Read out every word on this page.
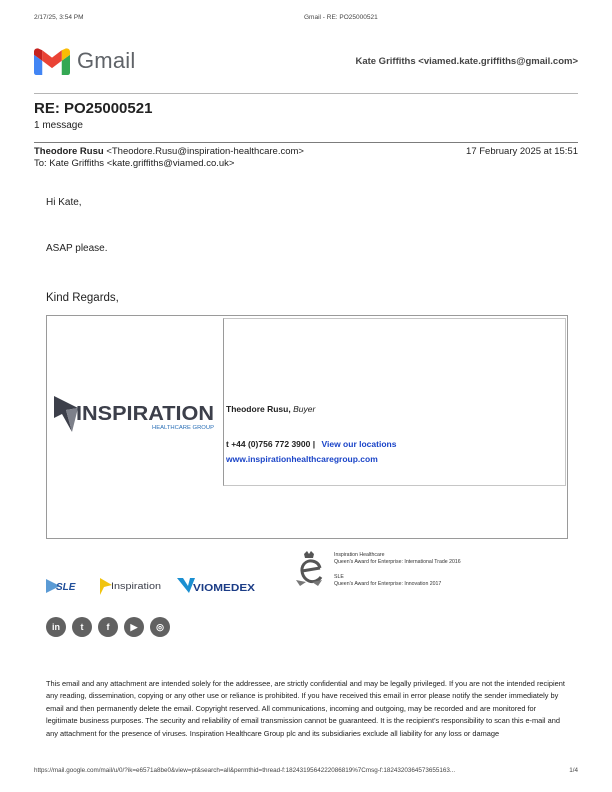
2/17/25, 3:54 PM	Gmail - RE: PO25000521
Gmail	Kate Griffiths <viamed.kate.griffiths@gmail.com>
RE: PO25000521
1 message
Theodore Rusu <Theodore.Rusu@inspiration-healthcare.com>	17 February 2025 at 15:51
To: Kate Griffiths <kate.griffiths@viamed.co.uk>
Hi Kate,
ASAP please.
Kind Regards,
INSPIRATION
HEALTHCARE GROUP
Theodore Rusu, Buyer
t +44 (0)756 772 3900 | View our locations
www.inspirationhealthcaregroup.com
Inspiration Healthcare
Queen's Award for Enterprise: International Trade 2016
SLE
Queen's Award for Enterprise: Innovation 2017
SLE	Inspiration	VIOMEDEX
in t	f ▶ ◎
This email and any attachment are intended solely for the addressee, are strictly confidential and may be legally privileged. If you are not the intended recipient any reading, dissemination, copying or any other use or reliance is prohibited. If you have received this email in error please notify the sender immediately by email and then permanently delete the email. Copyright reserved. All communications, incoming and outgoing, may be recorded and are monitored for legitimate business purposes. The security and reliability of email transmission cannot be guaranteed. It is the recipient's responsibility to scan this e-mail and any attachment for the presence of viruses. Inspiration Healthcare Group plc and its subsidiaries exclude all liability for any loss or damage
https://mail.google.com/mail/u/0/?ik=e6571a8be0&view=pt&search=all&permthid=thread-f:1824319564222086819%7Cmsg-f:1824320364573655163...	1/4
